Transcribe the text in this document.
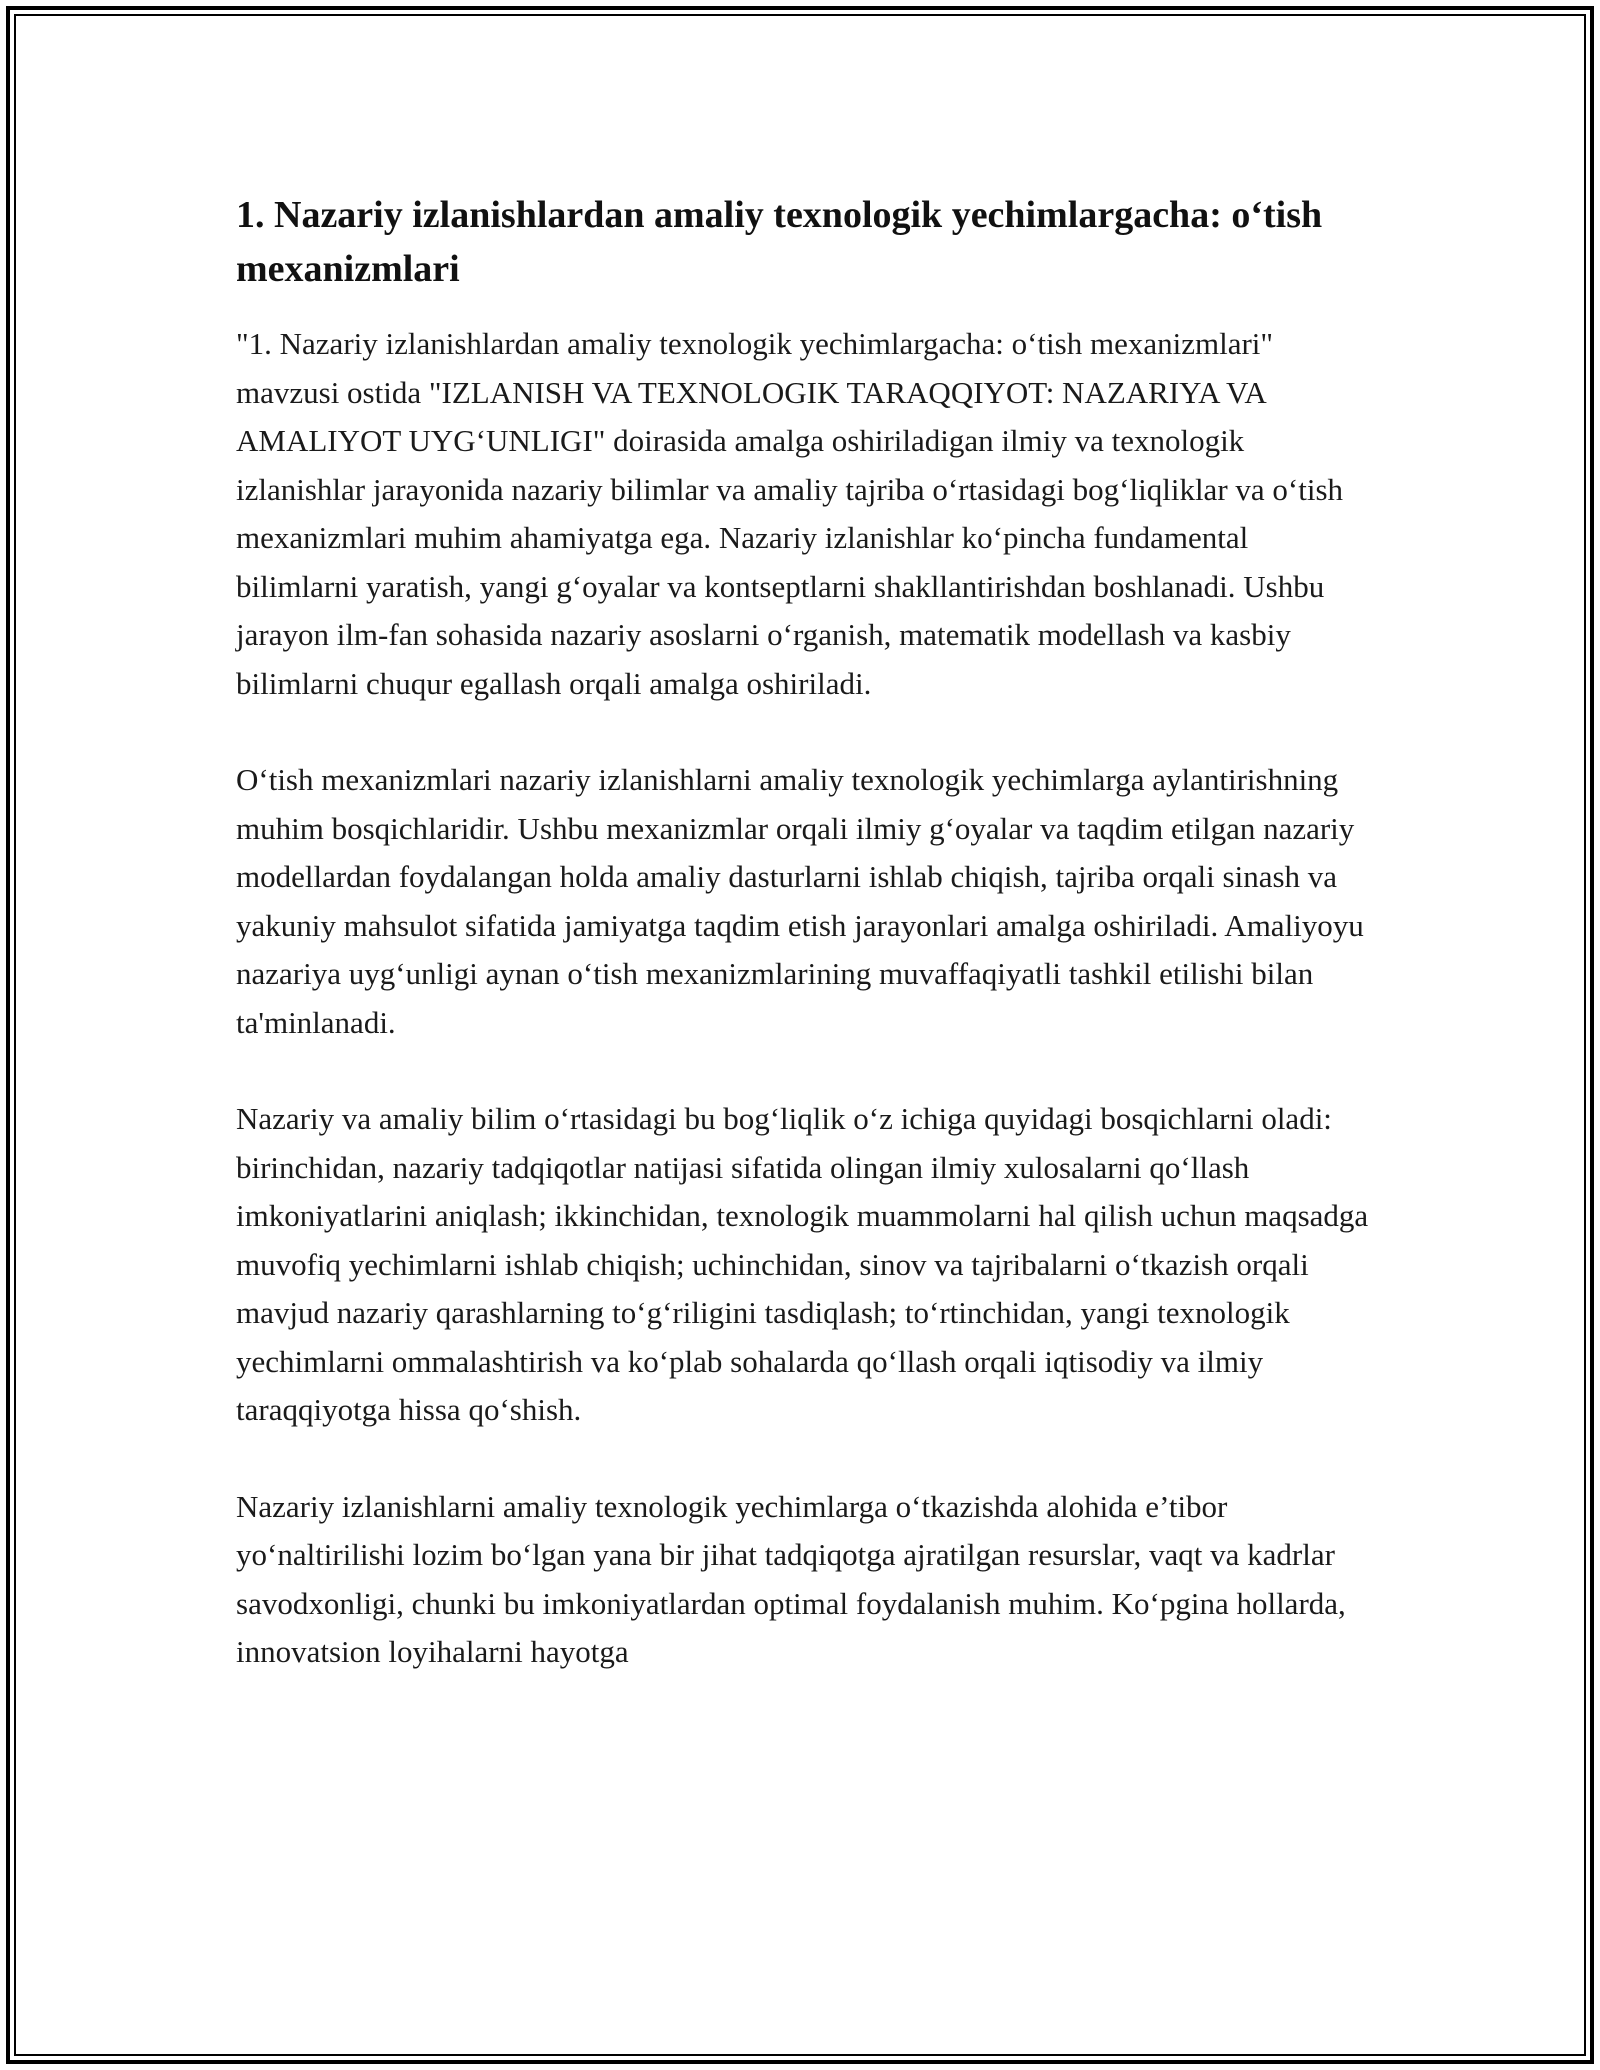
1. Nazariy izlanishlardan amaliy texnologik yechimlargacha: o‘tish mexanizmlari

"1. Nazariy izlanishlardan amaliy texnologik yechimlargacha: o‘tish mexanizmlari" mavzusi ostida "IZLANISH VA TEXNOLOGIK TARAQQIYOT: NAZARIYA VA AMALIYOT UYG‘UNLIGI" doirasida amalga oshiriladigan ilmiy va texnologik izlanishlar jarayonida nazariy bilimlar va amaliy tajriba o‘rtasidagi bog‘liqliklar va o‘tish mexanizmlari muhim ahamiyatga ega. Nazariy izlanishlar ko‘pincha fundamental bilimlarni yaratish, yangi g‘oyalar va kontseptlarni shakllantirishdan boshlanadi. Ushbu jarayon ilm-fan sohasida nazariy asoslarni o‘rganish, matematik modellash va kasbiy bilimlarni chuqur egallash orqali amalga oshiriladi.

O‘tish mexanizmlari nazariy izlanishlarni amaliy texnologik yechimlarga aylantirishning muhim bosqichlaridir. Ushbu mexanizmlar orqali ilmiy g‘oyalar va taqdim etilgan nazariy modellardan foydalangan holda amaliy dasturlarni ishlab chiqish, tajriba orqali sinash va yakuniy mahsulot sifatida jamiyatga taqdim etish jarayonlari amalga oshiriladi. Amaliyoyu nazariya uyg‘unligi aynan o‘tish mexanizmlarining muvaffaqiyatli tashkil etilishi bilan ta'minlanadi.

Nazariy va amaliy bilim o‘rtasidagi bu bog‘liqlik o‘z ichiga quyidagi bosqichlarni oladi: birinchidan, nazariy tadqiqotlar natijasi sifatida olingan ilmiy xulosalarni qo‘llash imkoniyatlarini aniqlash; ikkinchidan, texnologik muammolarni hal qilish uchun maqsadga muvofiq yechimlarni ishlab chiqish; uchinchidan, sinov va tajribalarni o‘tkazish orqali mavjud nazariy qarashlarning to‘g‘riligini tasdiqlash; to‘rtinchidan, yangi texnologik yechimlarni ommalashtirish va ko‘plab sohalarda qo‘llash orqali iqtisodiy va ilmiy taraqqiyotga hissa qo‘shish.

Nazariy izlanishlarni amaliy texnologik yechimlarga o‘tkazishda alohida e’tibor yo‘naltirilishi lozim bo‘lgan yana bir jihat tadqiqotga ajratilgan resurslar, vaqt va kadrlar savodxonligi, chunki bu imkoniyatlardan optimal foydalanish muhim. Ko‘pgina hollarda, innovatsion loyihalarni hayotga
